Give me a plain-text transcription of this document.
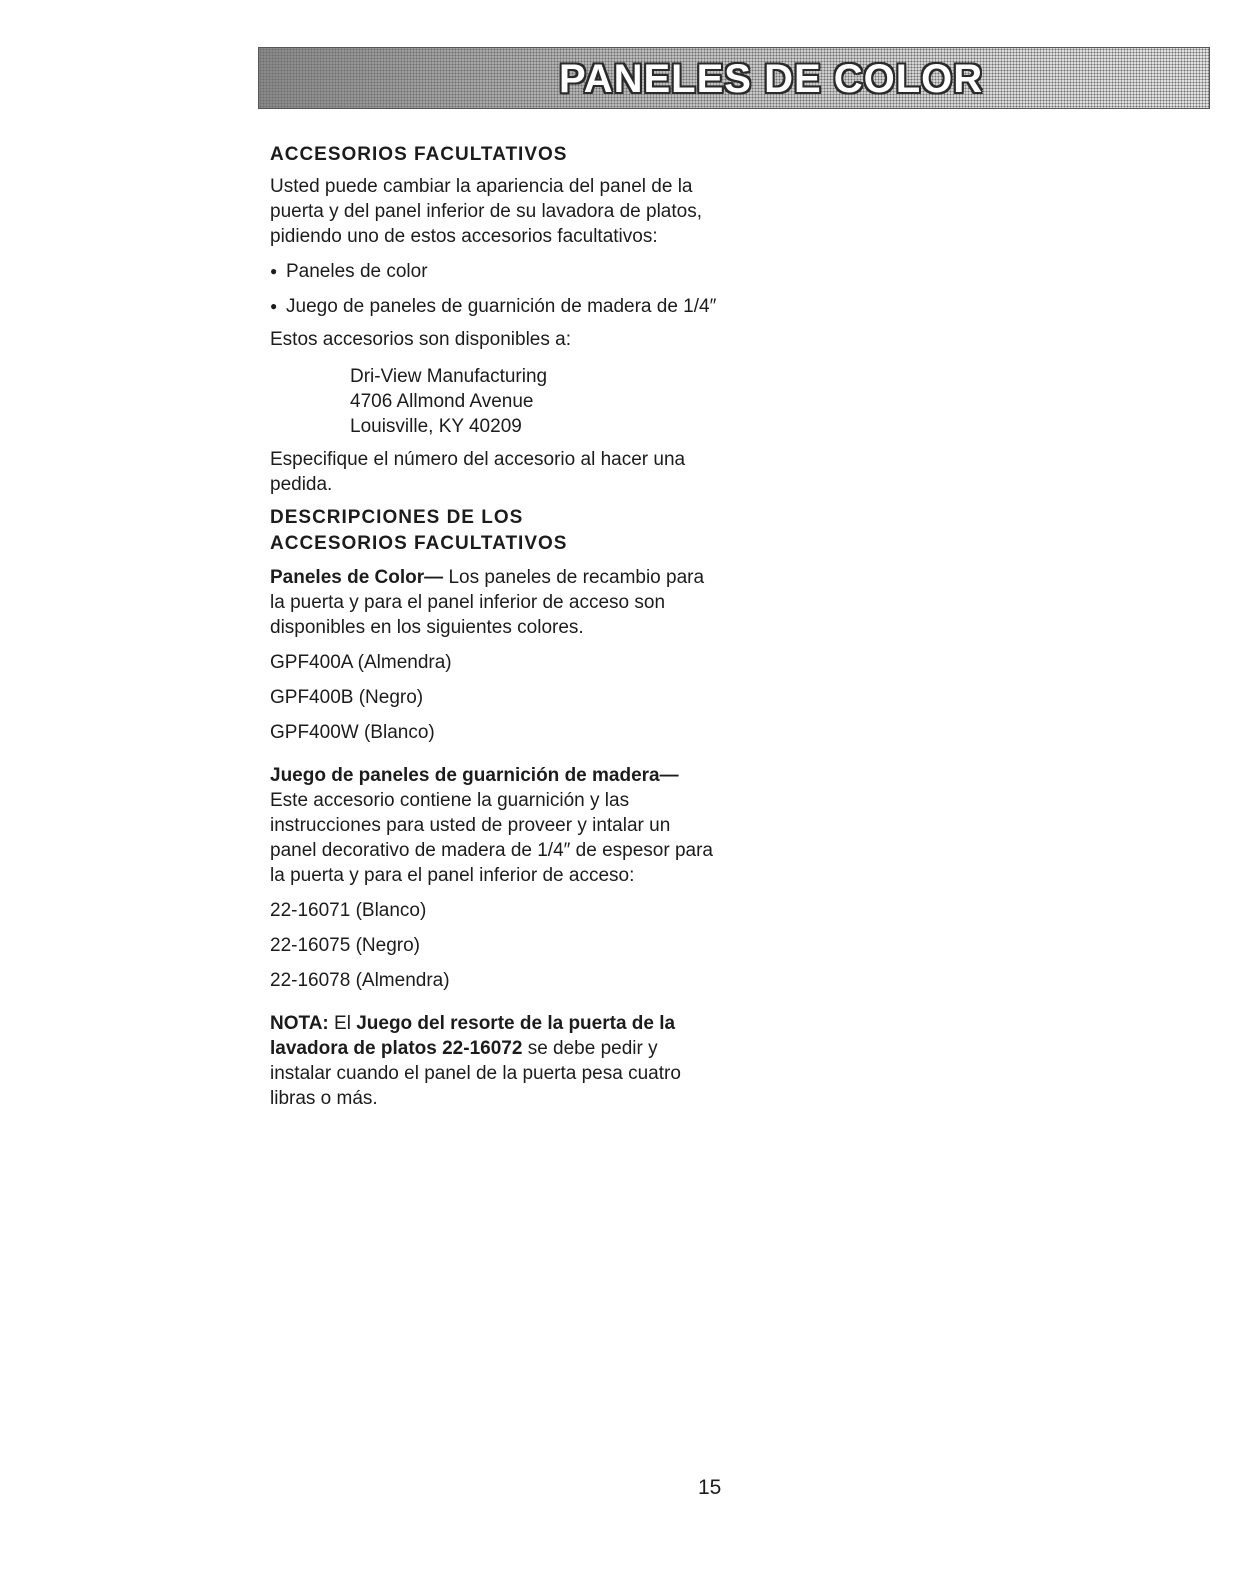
PANELES DE COLOR

ACCESORIOS FACULTATIVOS

Usted puede cambiar la apariencia del panel de la puerta y del panel inferior de su lavadora de platos, pidiendo uno de estos accesorios facultativos:

● Paneles de color

● Juego de paneles de guarnición de madera de 1/4″

Estos accesorios son disponibles a:

Dri-View Manufacturing

4706 Allmond Avenue

Louisville, KY 40209

Especifique el número del accesorio al hacer una pedida.

DESCRIPCIONES DE LOS
ACCESORIOS FACULTATIVOS

Paneles de Color— Los paneles de recambio para la puerta y para el panel inferior de acceso son disponibles en los siguientes colores.

GPF400A (Almendra)

GPF400B (Negro)

GPF400W (Blanco)

Juego de paneles de guarnición de madera— Este accesorio contiene la guarnición y las instrucciones para usted de proveer y intalar un panel decorativo de madera de 1/4″ de espesor para la puerta y para el panel inferior de acceso:

22-16071 (Blanco)

22-16075 (Negro)

22-16078 (Almendra)

NOTA: El Juego del resorte de la puerta de la lavadora de platos 22-16072 se debe pedir y instalar cuando el panel de la puerta pesa cuatro libras o más.

15
